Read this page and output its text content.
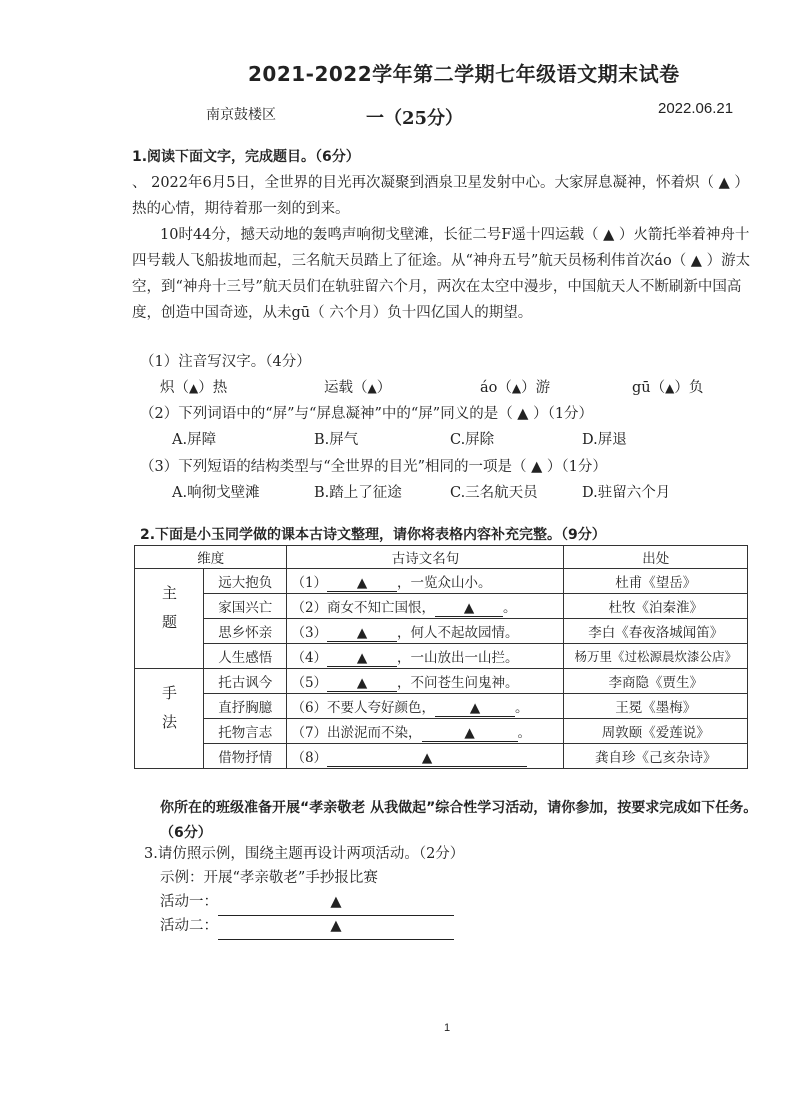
2021-2022学年第二学期七年级语文期末试卷
南京鼓楼区	一（25分）	2022.06.21
1.阅读下面文字，完成题目。（6分）
、 2022年6月5日，全世界的目光再次凝聚到酒泉卫星发射中心。大家屏息凝神，怀着炽（ ▲ ）热的心情，期待着那一刻的到来。
10时44分，撼天动地的轰鸣声响彻戈壁滩，长征二号F遥十四运载（ ▲ ）火箭托举着神舟十四号载人飞船拔地而起，三名航天员踏上了征途。从“神舟五号”航天员杨利伟首次áo（ ▲ ）游太空，到“神舟十三号”航天员们在轨驻留六个月，两次在太空中漫步，中国航天人不断刷新中国高度，创造中国奇迹，从未gū（ 六个月）负十四亿国人的期望。
（1）注音写汉字。（4分）
炽（▲）热	运载（▲）	áo（▲）游	gū（▲）负
（2）下列词语中的“屏”与“屏息凝神”中的“屏”同义的是（ ▲ ）（1分）
A.屏障	B.屏气	C.屏除	D.屏退
（3）下列短语的结构类型与“全世界的目光”相同的一项是（ ▲ ）（1分）
A.响彻戈壁滩	B.踏上了征途	C.三名航天员	D.驻留六个月
2.下面是小玉同学做的课本古诗文整理，请你将表格内容补充完整。（9分）
维度		古诗文名句	出处
主题	远大抱负	（1） ▲ ，一览众山小。	杜甫《望岳》
	家国兴亡	（2）商女不知亡国恨， ▲ 。	杜牧《泊秦淮》
	思乡怀亲	（3） ▲ ，何人不起故园情。	李白《春夜洛城闻笛》
	人生感悟	（4） ▲ ，一山放出一山拦。	杨万里《过松源晨炊漆公店》
手法	托古讽今	（5） ▲ ，不问苍生问鬼神。	李商隐《贾生》
	直抒胸臆	（6）不要人夸好颜色， ▲ 。	王冕《墨梅》
	托物言志	（7）出淤泥而不染， ▲ 。	周敦颐《爱莲说》
	借物抒情	（8） ▲	龚自珍《己亥杂诗》
你所在的班级准备开展“孝亲敬老 从我做起”综合性学习活动，请你参加，按要求完成如下任务。（6分）
3.请仿照示例，围绕主题再设计两项活动。（2分）
示例：开展“孝亲敬老”手抄报比赛
活动一：	▲
活动二：	▲
1
